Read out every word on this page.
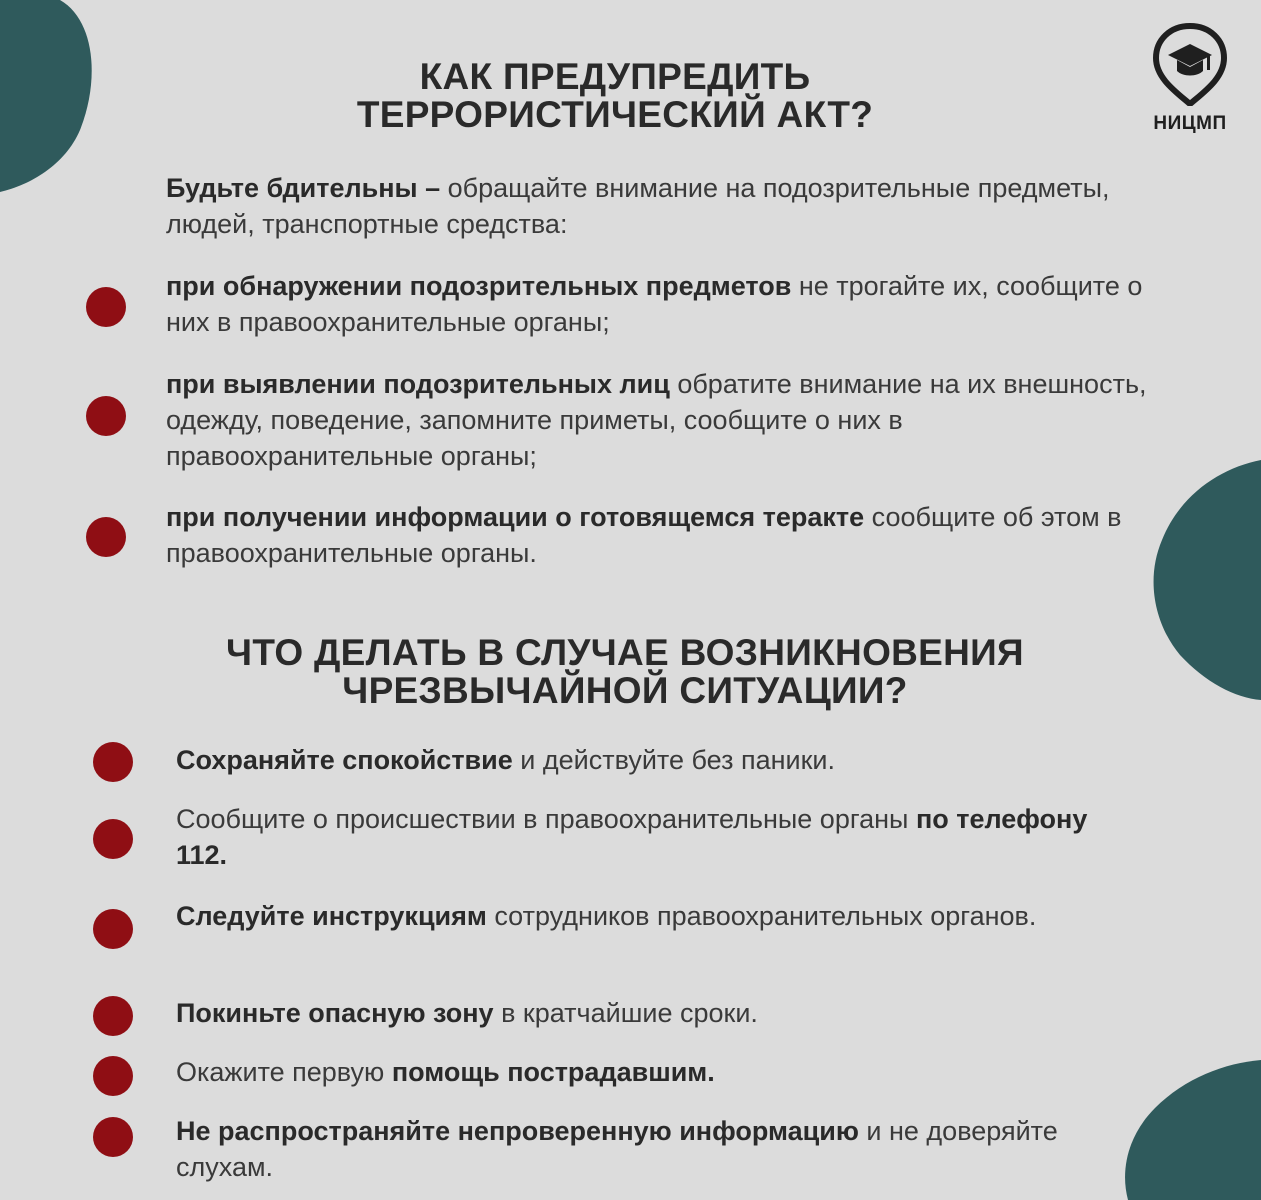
НИЦМП
КАК ПРЕДУПРЕДИТЬ
ТЕРРОРИСТИЧЕСКИЙ АКТ?
Будьте бдительны – обращайте внимание на подозрительные предметы, людей, транспортные средства:
при обнаружении подозрительных предметов не трогайте их, сообщите о них в правоохранительные органы;
при выявлении подозрительных лиц обратите внимание на их внешность, одежду, поведение, запомните приметы, сообщите о них в правоохранительные органы;
при получении информации о готовящемся теракте сообщите об этом в правоохранительные органы.
ЧТО ДЕЛАТЬ В СЛУЧАЕ ВОЗНИКНОВЕНИЯ
ЧРЕЗВЫЧАЙНОЙ СИТУАЦИИ?
Сохраняйте спокойствие и действуйте без паники.
Сообщите о происшествии в правоохранительные органы по телефону 112.
Следуйте инструкциям сотрудников правоохранительных органов.
Покиньте опасную зону в кратчайшие сроки.
Окажите первую помощь пострадавшим.
Не распространяйте непроверенную информацию и не доверяйте слухам.
